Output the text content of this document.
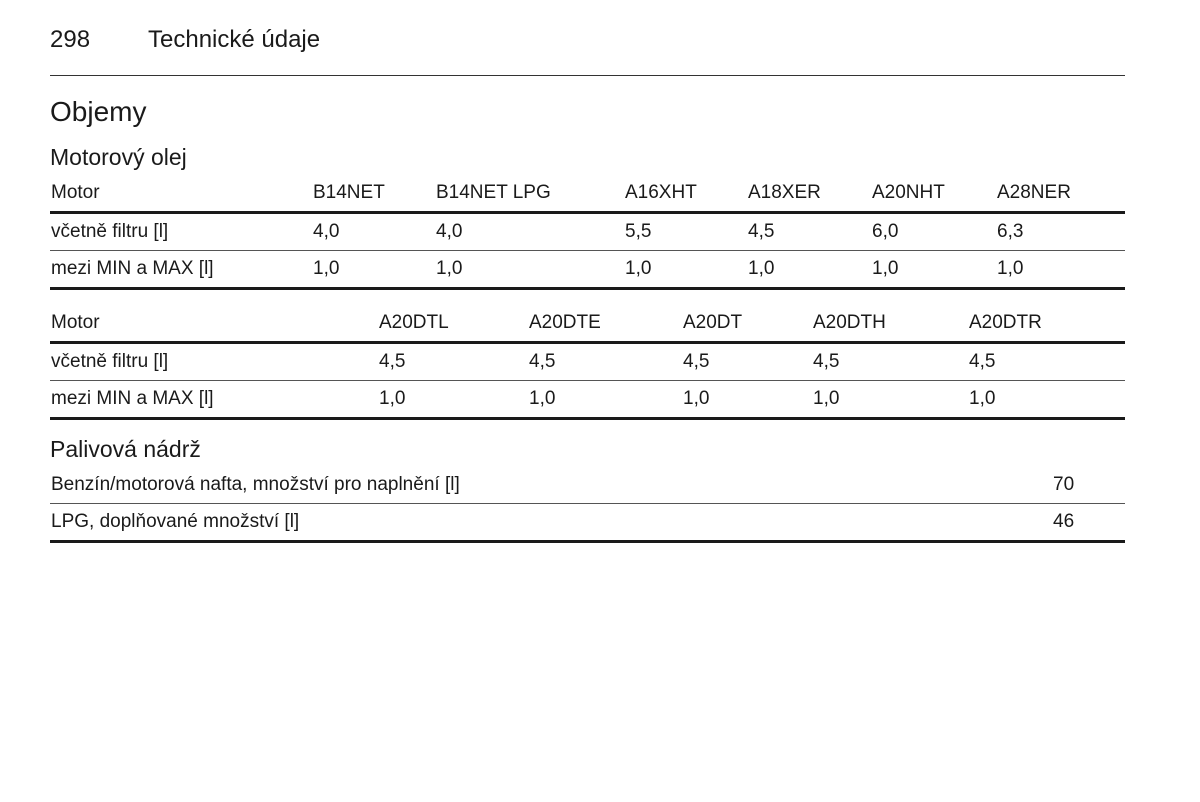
298 Technické údaje
Objemy
Motorový olej
Motor	B14NET	B14NET LPG	A16XHT	A18XER	A20NHT	A28NER
včetně filtru [l]	4,0	4,0	5,5	4,5	6,0	6,3
mezi MIN a MAX [l]	1,0	1,0	1,0	1,0	1,0	1,0
Motor	A20DTL	A20DTE	A20DT	A20DTH	A20DTR
včetně filtru [l]	4,5	4,5	4,5	4,5	4,5
mezi MIN a MAX [l]	1,0	1,0	1,0	1,0	1,0
Palivová nádrž
Benzín/motorová nafta, množství pro naplnění [l]	70
LPG, doplňované množství [l]	46
